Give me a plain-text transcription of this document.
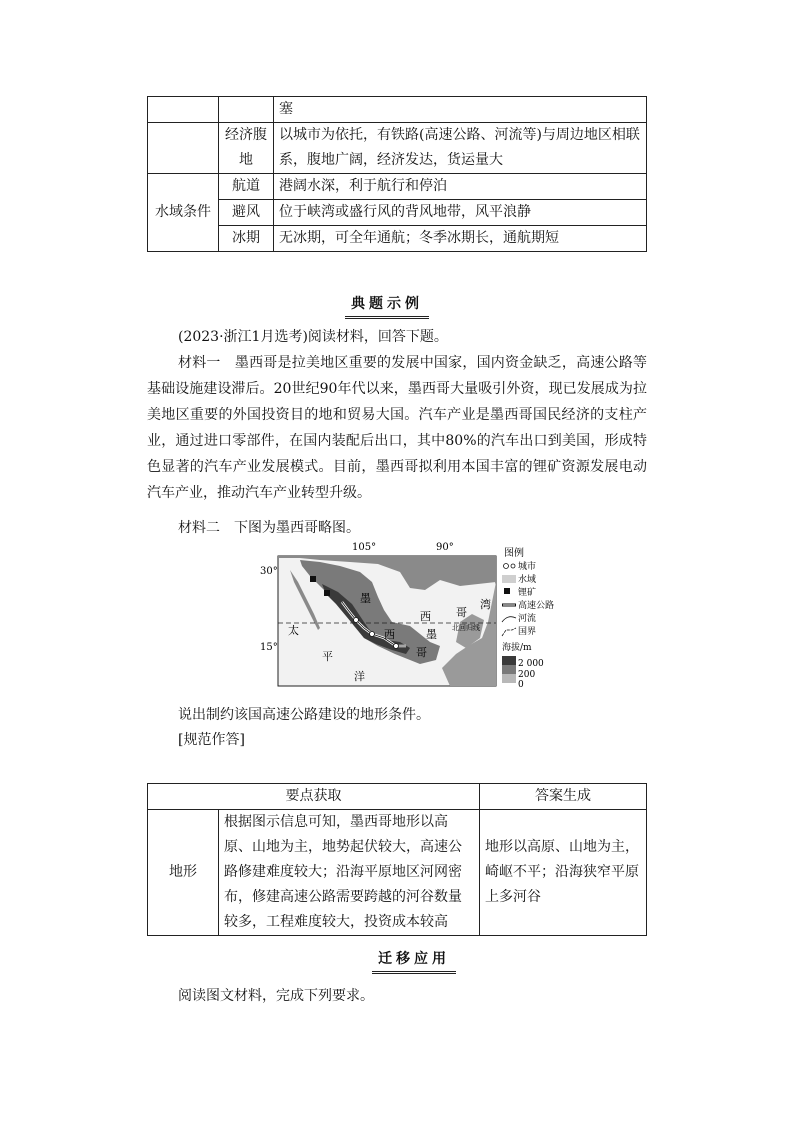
		塞
	经济腹地	以城市为依托，有铁路(高速公路、河流等)与周边地区相联系，腹地广阔，经济发达，货运量大
水域条件	航道	港阔水深，利于航行和停泊
	避风	位于峡湾或盛行风的背风地带，风平浪静
	冰期	无冰期，可全年通航；冬季冰期长，通航期短
典题示例
(2023·浙江1月选考)阅读材料，回答下题。
材料一　墨西哥是拉美地区重要的发展中国家，国内资金缺乏，高速公路等基础设施建设滞后。20世纪90年代以来，墨西哥大量吸引外资，现已发展成为拉美地区重要的外国投资目的地和贸易大国。汽车产业是墨西哥国民经济的支柱产业，通过进口零部件，在国内装配后出口，其中80%的汽车出口到美国，形成特色显著的汽车产业发展模式。目前，墨西哥拟利用本国丰富的锂矿资源发展电动汽车产业，推动汽车产业转型升级。
材料二　下图为墨西哥略图。
105°	90°
30°
15°
墨
西
哥
西 哥
湾
墨
太
平
洋
北回归线
图例
城市
水域
锂矿
高速公路
河流
国界
海拔/m
2 000
200
0
说出制约该国高速公路建设的地形条件。
[规范作答]
要点获取		答案生成
地形	根据图示信息可知，墨西哥地形以高原、山地为主，地势起伏较大，高速公路修建难度较大；沿海平原地区河网密布，修建高速公路需要跨越的河谷数量较多，工程难度较大，投资成本较高	地形以高原、山地为主，崎岖不平；沿海狭窄平原上多河谷
迁移应用
阅读图文材料，完成下列要求。
